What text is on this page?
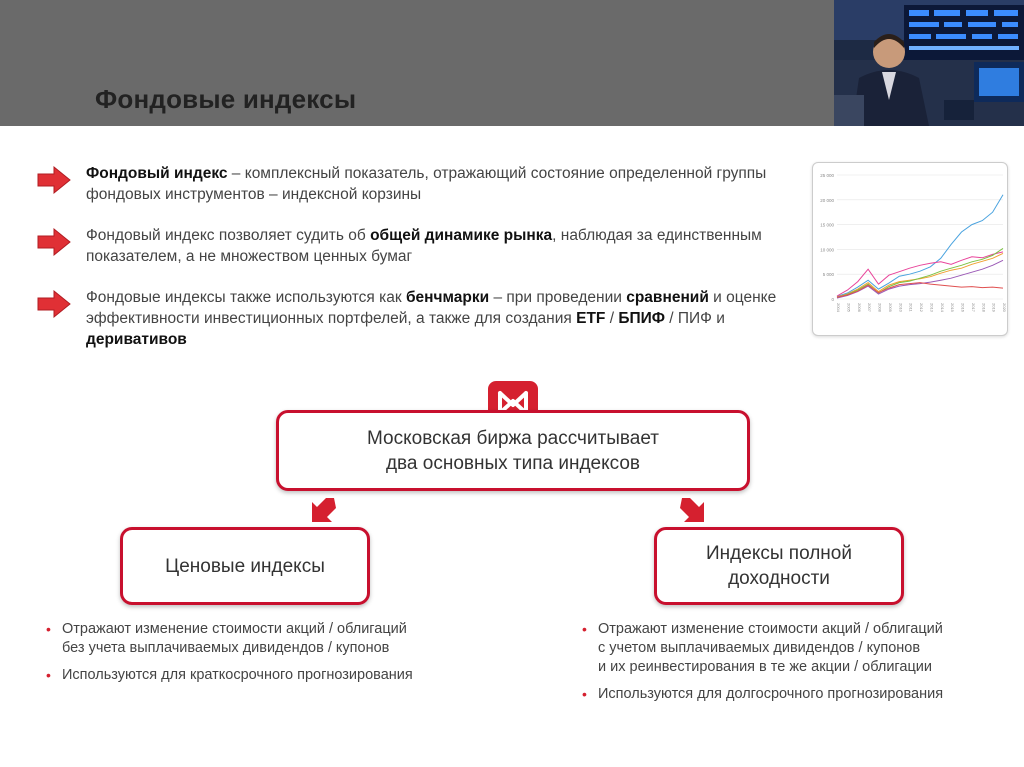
Фондовые индексы
Фондовый индекс – комплексный показатель, отражающий состояние определенной группы фондовых инструментов – индексной корзины
Фондовый индекс позволяет судить об общей динамике рынка, наблюдая за единственным показателем, а не множеством ценных бумаг
Фондовые индексы также используются как бенчмарки – при проведении сравнений и оценке эффективности инвестиционных портфелей, а также для создания ETF / БПИФ / ПИФ и деривативов
25 000
20 000
15 000
10 000
5 000
0
2004 2005 2006 2007 2008 2009 2010 2011 2012 2013 2014 2015 2016 2017 2018 2019 2020
Московская биржа рассчитывает
два основных типа индексов
Ценовые индексы
Индексы полной
доходности
• Отражают изменение стоимости акций / облигаций
без учета выплачиваемых дивидендов / купонов
• Используются для краткосрочного прогнозирования
• Отражают изменение стоимости акций / облигаций
с учетом выплачиваемых дивидендов / купонов
и их реинвестирования в те же акции / облигации
• Используются для долгосрочного прогнозирования
